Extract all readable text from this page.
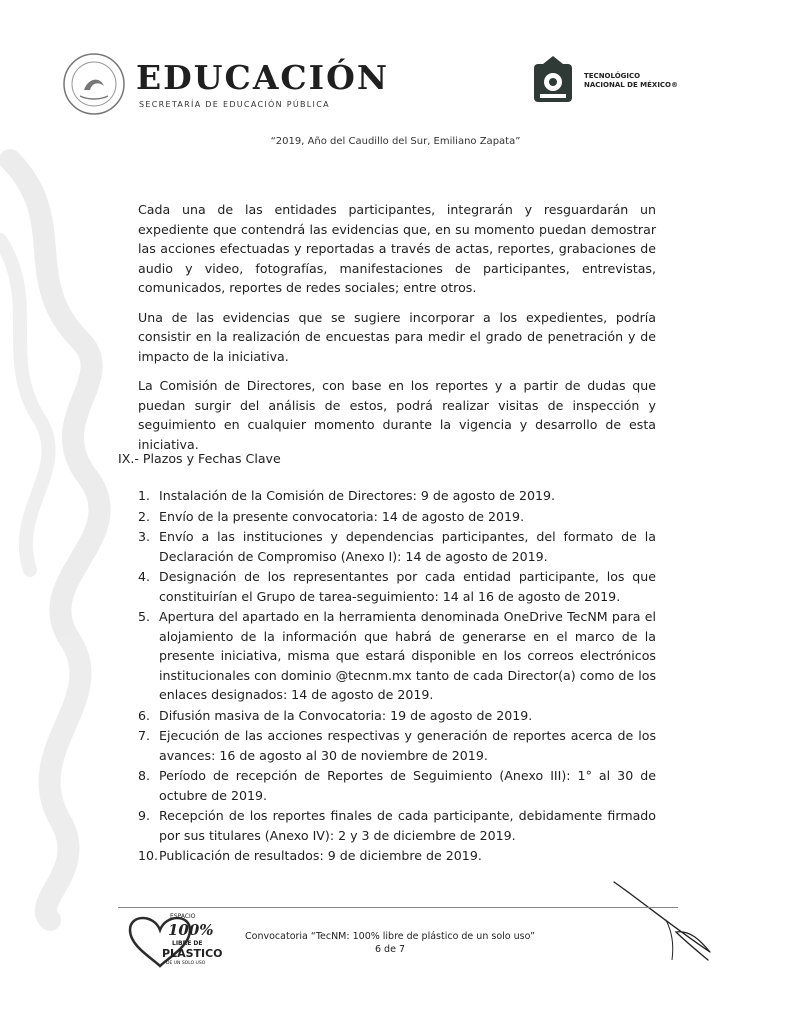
EDUCACIÓN
SECRETARÍA DE EDUCACIÓN PÚBLICA
TECNOLÓGICO
NACIONAL DE MÉXICO®
“2019, Año del Caudillo del Sur, Emiliano Zapata”

Cada una de las entidades participantes, integrarán y resguardarán un expediente que contendrá las evidencias que, en su momento puedan demostrar las acciones efectuadas y reportadas a través de actas, reportes, grabaciones de audio y video, fotografías, manifestaciones de participantes, entrevistas, comunicados, reportes de redes sociales; entre otros.

Una de las evidencias que se sugiere incorporar a los expedientes, podría consistir en la realización de encuestas para medir el grado de penetración y de impacto de la iniciativa.

La Comisión de Directores, con base en los reportes y a partir de dudas que puedan surgir del análisis de estos, podrá realizar visitas de inspección y seguimiento en cualquier momento durante la vigencia y desarrollo de esta iniciativa.

IX.- Plazos y Fechas Clave
1. Instalación de la Comisión de Directores: 9 de agosto de 2019.
2. Envío de la presente convocatoria: 14 de agosto de 2019.
3. Envío a las instituciones y dependencias participantes, del formato de la Declaración de Compromiso (Anexo I): 14 de agosto de 2019.
4. Designación de los representantes por cada entidad participante, los que constituirían el Grupo de tarea-seguimiento: 14 al 16 de agosto de 2019.
5. Apertura del apartado en la herramienta denominada OneDrive TecNM para el alojamiento de la información que habrá de generarse en el marco de la presente iniciativa, misma que estará disponible en los correos electrónicos institucionales con dominio @tecnm.mx tanto de cada Director(a) como de los enlaces designados: 14 de agosto de 2019.
6. Difusión masiva de la Convocatoria: 19 de agosto de 2019.
7. Ejecución de las acciones respectivas y generación de reportes acerca de los avances: 16 de agosto al 30 de noviembre de 2019.
8. Período de recepción de Reportes de Seguimiento (Anexo III): 1° al 30 de octubre de 2019.
9. Recepción de los reportes finales de cada participante, debidamente firmado por sus titulares (Anexo IV): 2 y 3 de diciembre de 2019.
10. Publicación de resultados: 9 de diciembre de 2019.
ESPACIO
100%
LIBRE DE
PLÁSTICO
DE UN SOLO USO
Convocatoria “TecNM: 100% libre de plástico de un solo uso”
6 de 7
